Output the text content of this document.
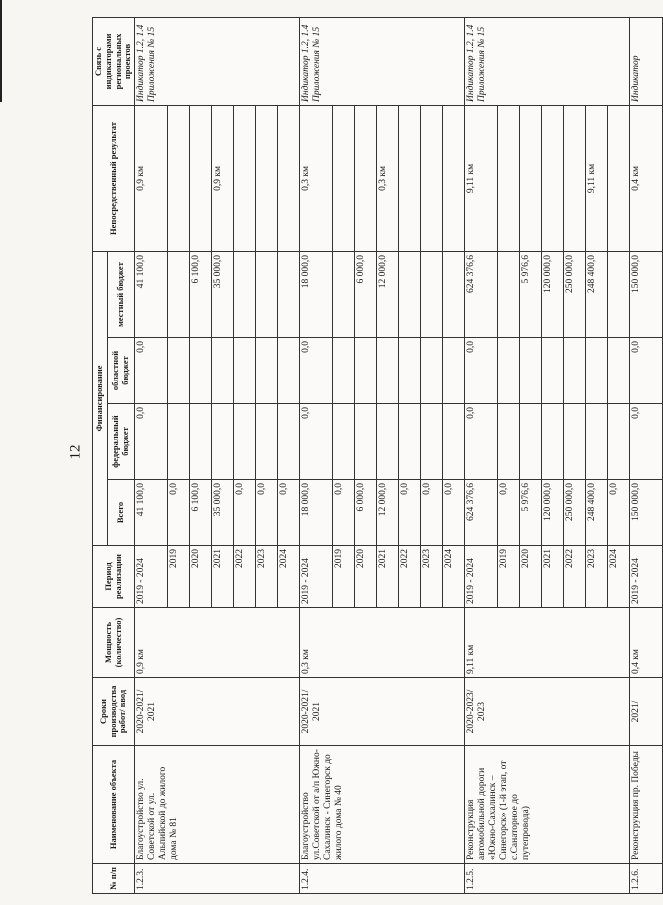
12
№ п/п	Наименование объекта	Сроки производства работ/ ввод	Мощность (количество)	Период реализации	Финансирование				Непосредственный результат	Связь с индикаторами региональных проектов
					Всего	федеральный бюджет	областной бюджет	местный бюджет		
1.2.3.	Благоустройство ул. Советской от ул. Альпийской до жилого дома № 81	2020-2021/ 2021	0,9 км	2019 - 2024	41 100,0	0,0	0,0	41 100,0	0,9 км	Индикатор 1.2, 1.4 Приложения № 15
				2019	0,0					
				2020	6 100,0			6 100,0		
				2021	35 000,0			35 000,0	0,9 км	
				2022	0,0					
				2023	0,0					
				2024	0,0					
1.2.4.	Благоустройство ул.Советской от а/п Южно-Сахалинск - Синегорск до жилого дома № 40	2020-2021/ 2021	0,3 км	2019 - 2024	18 000,0	0,0	0,0	18 000,0	0,3 км	Индикатор 1.2, 1.4 Приложения № 15
				2019	0,0					
				2020	6 000,0			6 000,0		
				2021	12 000,0			12 000,0	0,3 км	
				2022	0,0					
				2023	0,0					
				2024	0,0					
1.2.5.	Реконструкция автомобильной дороги «Южно-Сахалинск – Синегорск» (1-й этап, от с.Санаторное до путепровода)	2020-2023/ 2023	9,11 км	2019 - 2024	624 376,6	0,0	0,0	624 376,6	9,11 км	Индикатор 1.2, 1.4 Приложения № 15
				2019	0,0					
				2020	5 976,6			5 976,6		
				2021	120 000,0			120 000,0		
				2022	250 000,0			250 000,0		
				2023	248 400,0			248 400,0	9,11 км	
				2024	0,0					
1.2.6.	Реконструкция пр. Победы	2021/	0,4 км	2019 - 2024	150 000,0	0,0	0,0	150 000,0	0,4 км	Индикатор
